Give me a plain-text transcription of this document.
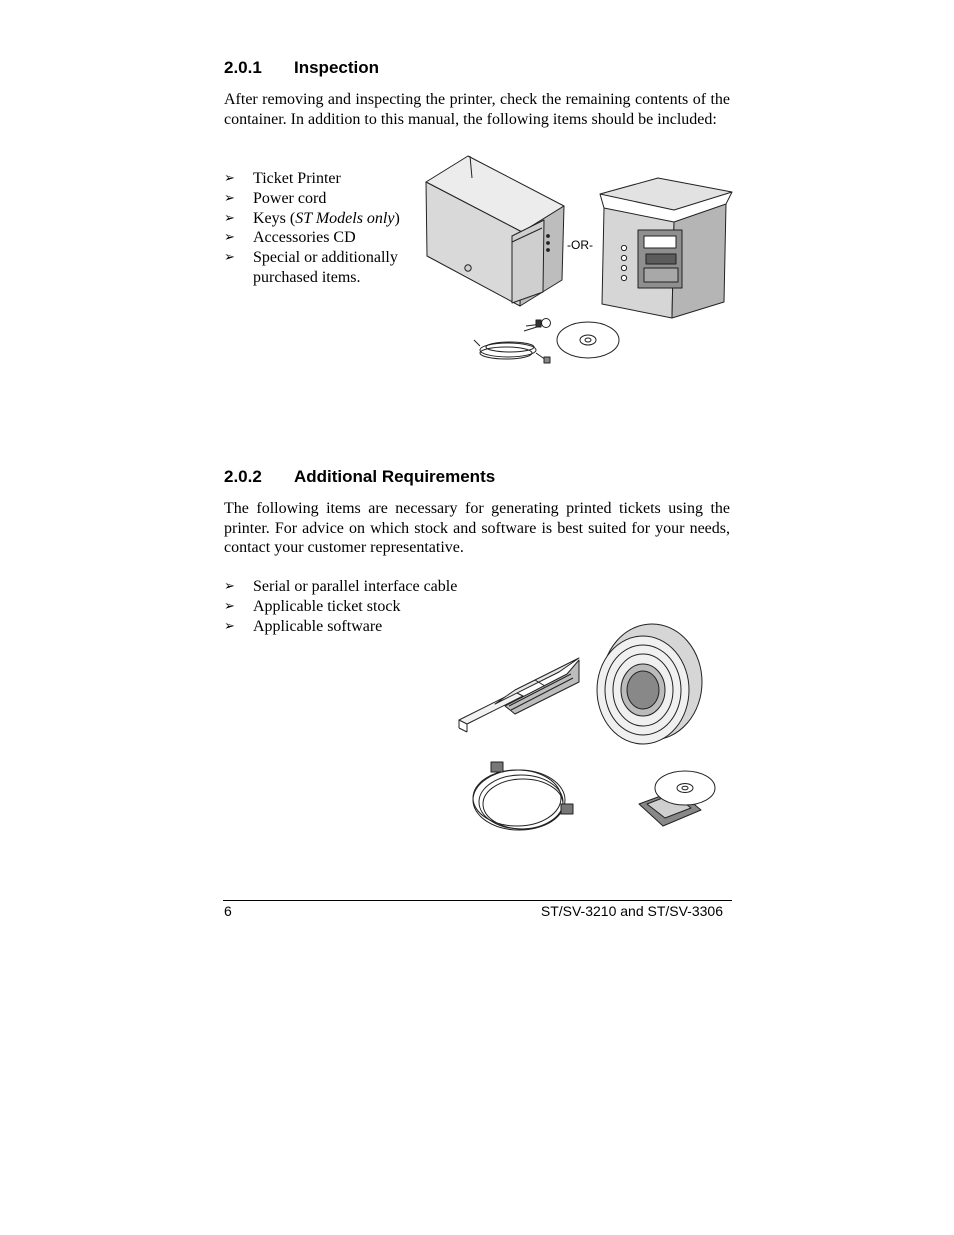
2.0.1 Inspection
After removing and inspecting the printer, check the remaining contents of the container. In addition to this manual, the following items should be included:
➢ Ticket Printer
➢ Power cord
➢ Keys (ST Models only)
➢ Accessories CD
➢ Special or additionally
purchased items.
-OR-
2.0.2 Additional Requirements
The following items are necessary for generating printed tickets using the printer. For advice on which stock and software is best suited for your needs, contact your customer representative.
➢ Serial or parallel interface cable
➢ Applicable ticket stock
➢ Applicable software
6	ST/SV-3210 and ST/SV-3306
